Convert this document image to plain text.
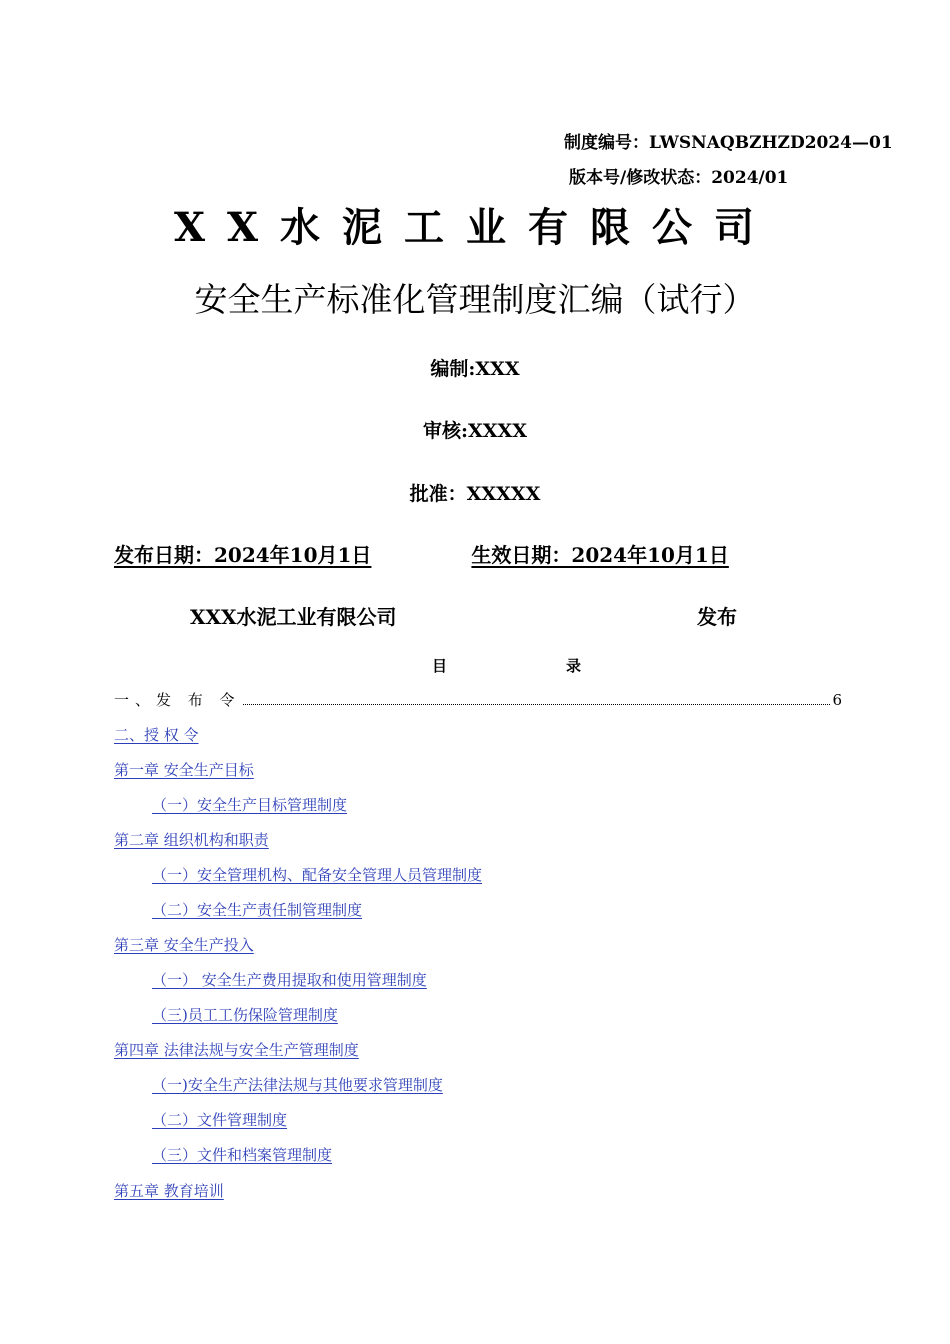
制度编号：LWSNAQBZHZD2024—01
版本号/修改状态：2024/01
XX水泥工业有限公司
安全生产标准化管理制度汇编（试行）
编制:XXX
审核:XXXX
批准：XXXXX
发布日期：2024年10月1日	生效日期：2024年10月1日
XXX水泥工业有限公司	发布
目	录
一、发 布 令	6
二、授 权 令
第一章 安全生产目标
（一）安全生产目标管理制度
第二章 组织机构和职责
（一）安全管理机构、配备安全管理人员管理制度
（二）安全生产责任制管理制度
第三章 安全生产投入
（一） 安全生产费用提取和使用管理制度
（三)员工工伤保险管理制度
第四章 法律法规与安全生产管理制度
（一)安全生产法律法规与其他要求管理制度
（二）文件管理制度
（三）文件和档案管理制度
第五章 教育培训
